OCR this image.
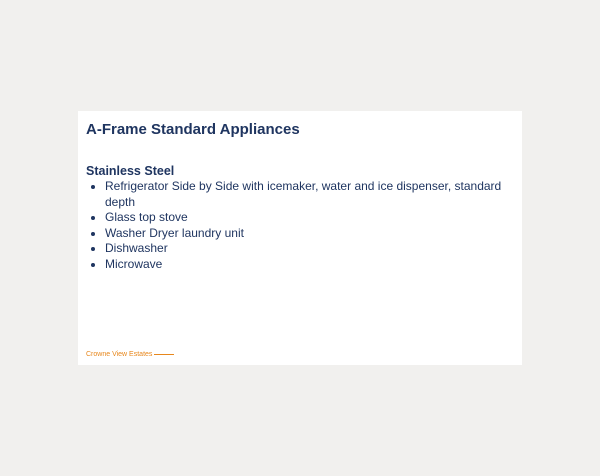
A-Frame Standard Appliances
Stainless Steel
• Refrigerator Side by Side with icemaker, water and ice dispenser, standard depth
• Glass top stove
• Washer Dryer laundry unit
• Dishwasher
• Microwave
Crowne View Estates
